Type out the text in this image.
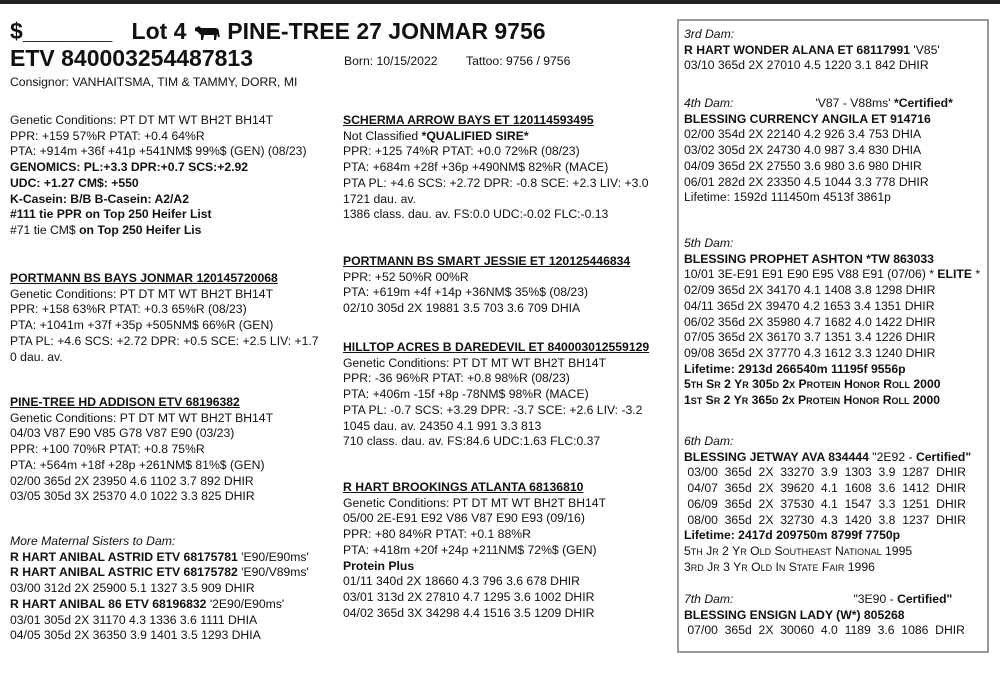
$_______ Lot 4 PINE-TREE 27 JONMAR 9756
ETV 840003254487813	Born: 10/15/2022 Tattoo: 9756 / 9756
Consignor: VANHAITSMA, TIM & TAMMY, DORR, MI
Genetic Conditions: PT DT MT WT BH2T BH14T
PPR: +159 57%R PTAT: +0.4 64%R
PTA: +914m +36f +41p +541NM$ 99%$ (GEN) (08/23)
GENOMICS: PL:+3.3 DPR:+0.7 SCS:+2.92
UDC: +1.27 CM$: +550
K-Casein: B/B B-Casein: A2/A2
#111 tie PPR on Top 250 Heifer List
#71 tie CM$ on Top 250 Heifer Lis
PORTMANN BS BAYS JONMAR 120145720068
Genetic Conditions: PT DT MT WT BH2T BH14T
PPR: +158 63%R PTAT: +0.3 65%R (08/23)
PTA: +1041m +37f +35p +505NM$ 66%R (GEN)
PTA PL: +4.6 SCS: +2.72 DPR: +0.5 SCE: +2.5 LIV: +1.7
0 dau. av.
PINE-TREE HD ADDISON ETV 68196382
Genetic Conditions: PT DT MT WT BH2T BH14T
04/03 V87 E90 V85 G78 V87 E90 (03/23)
PPR: +100 70%R PTAT: +0.8 75%R
PTA: +564m +18f +28p +261NM$ 81%$ (GEN)
02/00 365d 2X 23950 4.6 1102 3.7 892 DHIR
03/05 305d 3X 25370 4.0 1022 3.3 825 DHIR
More Maternal Sisters to Dam:
R HART ANIBAL ASTRID ETV 68175781 'E90/E90ms'
R HART ANIBAL ASTRIC ETV 68175782 'E90/V89ms'
03/00 312d 2X 25900 5.1 1327 3.5 909 DHIR
R HART ANIBAL 86 ETV 68196832 '2E90/E90ms'
03/01 305d 2X 31170 4.3 1336 3.6 1111 DHIA
04/05 305d 2X 36350 3.9 1401 3.5 1293 DHIA
SCHERMA ARROW BAYS ET 120114593495
Not Classified *QUALIFIED SIRE*
PPR: +125 74%R PTAT: +0.0 72%R (08/23)
PTA: +684m +28f +36p +490NM$ 82%R (MACE)
PTA PL: +4.6 SCS: +2.72 DPR: -0.8 SCE: +2.3 LIV: +3.0
1721 dau. av.
1386 class. dau. av. FS:0.0 UDC:-0.02 FLC:-0.13
PORTMANN BS SMART JESSIE ET 120125446834
PPR: +52 50%R 00%R
PTA: +619m +4f +14p +36NM$ 35%$ (08/23)
02/10 305d 2X 19881 3.5 703 3.6 709 DHIA
HILLTOP ACRES B DAREDEVIL ET 840003012559129
Genetic Conditions: PT DT MT WT BH2T BH14T
PPR: -36 96%R PTAT: +0.8 98%R (08/23)
PTA: +406m -15f +8p -78NM$ 98%R (MACE)
PTA PL: -0.7 SCS: +3.29 DPR: -3.7 SCE: +2.6 LIV: -3.2
1045 dau. av. 24350 4.1 991 3.3 813
710 class. dau. av. FS:84.6 UDC:1.63 FLC:0.37
R HART BROOKINGS ATLANTA 68136810
Genetic Conditions: PT DT MT WT BH2T BH14T
05/00 2E-E91 E92 V86 V87 E90 E93 (09/16)
PPR: +80 84%R PTAT: +0.1 88%R
PTA: +418m +20f +24p +211NM$ 72%$ (GEN)
Protein Plus
01/11 340d 2X 18660 4.3 796 3.6 678 DHIR
03/01 313d 2X 27810 4.7 1295 3.6 1002 DHIR
04/02 365d 3X 34298 4.4 1516 3.5 1209 DHIR
3rd Dam:
R HART WONDER ALANA ET 68117991 'V85'
03/10 365d 2X 27010 4.5 1220 3.1 842 DHIR
4th Dam:	'V87 - V88ms' *Certified*
BLESSING CURRENCY ANGILA ET 914716
02/00 354d 2X 22140 4.2 926 3.4 753 DHIA
03/02 305d 2X 24730 4.0 987 3.4 830 DHIA
04/09 365d 2X 27550 3.6 980 3.6 980 DHIR
06/01 282d 2X 23350 4.5 1044 3.3 778 DHIR
Lifetime: 1592d 111450m 4513f 3861p
5th Dam:
BLESSING PROPHET ASHTON *TW 863033
10/01 3E-E91 E91 E90 E95 V88 E91 (07/06) * ELITE *
02/09 365d 2X 34170 4.1 1408 3.8 1298 DHIR
04/11 365d 2X 39470 4.2 1653 3.4 1351 DHIR
06/02 356d 2X 35980 4.7 1682 4.0 1422 DHIR
07/05 365d 2X 36170 3.7 1351 3.4 1226 DHIR
09/08 365d 2X 37770 4.3 1612 3.3 1240 DHIR
Lifetime: 2913d 266540m 11195f 9556p
5th Sr 2 Yr 305d 2x Protein Honor Roll 2000
1st Sr 2 Yr 365d 2x Protein Honor Roll 2000
6th Dam:
BLESSING JETWAY AVA 834444 "2E92 - Certified"
03/00  365d  2X  33270  3.9  1303  3.9  1287  DHIR
04/07  365d  2X  39620  4.1  1608  3.6  1412  DHIR
06/09  365d  2X  37530  4.1  1547  3.3  1251  DHIR
08/00  365d  2X  32730  4.3  1420  3.8  1237  DHIR
Lifetime: 2417d 209750m 8799f 7750p
5th Jr 2 Yr Old Southeast National 1995
3rd Jr 3 Yr Old In State Fair 1996
7th Dam:	"3E90 - Certified"
BLESSING ENSIGN LADY (W*) 805268
07/00  365d  2X  30060  4.0  1189  3.6  1086  DHIR
